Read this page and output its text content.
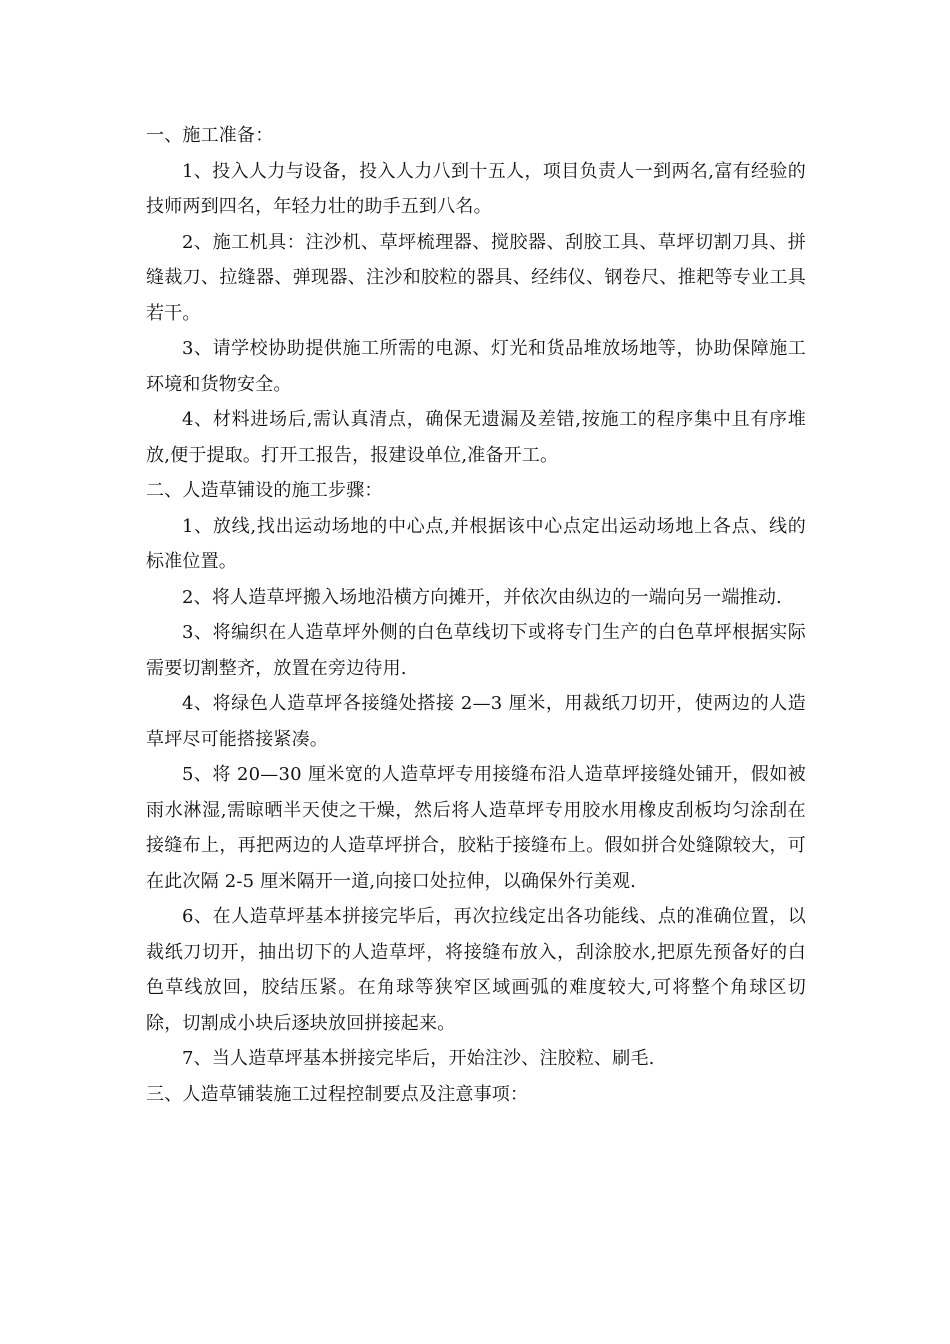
一、施工准备：

1、投入人力与设备，投入人力八到十五人，项目负责人一到两名,富有经验的技师两到四名，年轻力壮的助手五到八名。

2、施工机具：注沙机、草坪梳理器、搅胶器、刮胶工具、草坪切割刀具、拼缝裁刀、拉缝器、弹现器、注沙和胶粒的器具、经纬仪、钢卷尺、推耙等专业工具若干。

3、请学校协助提供施工所需的电源、灯光和货品堆放场地等，协助保障施工环境和货物安全。

4、材料进场后,需认真清点，确保无遗漏及差错,按施工的程序集中且有序堆放,便于提取。打开工报告，报建设单位,准备开工。

二、人造草铺设的施工步骤：

1、放线,找出运动场地的中心点,并根据该中心点定出运动场地上各点、线的标准位置。

2、将人造草坪搬入场地沿横方向摊开，并依次由纵边的一端向另一端推动.

3、将编织在人造草坪外侧的白色草线切下或将专门生产的白色草坪根据实际需要切割整齐，放置在旁边待用.

4、将绿色人造草坪各接缝处搭接 2—3 厘米，用裁纸刀切开，使两边的人造草坪尽可能搭接紧凑。

5、将 20—30 厘米宽的人造草坪专用接缝布沿人造草坪接缝处铺开，假如被雨水淋湿,需晾晒半天使之干燥，然后将人造草坪专用胶水用橡皮刮板均匀涂刮在接缝布上，再把两边的人造草坪拼合，胶粘于接缝布上。假如拼合处缝隙较大，可在此次隔 2-5 厘米隔开一道,向接口处拉伸，以确保外行美观.

6、在人造草坪基本拼接完毕后，再次拉线定出各功能线、点的准确位置，以裁纸刀切开，抽出切下的人造草坪，将接缝布放入，刮涂胶水,把原先预备好的白色草线放回，胶结压紧。在角球等狭窄区域画弧的难度较大,可将整个角球区切除，切割成小块后逐块放回拼接起来。

7、当人造草坪基本拼接完毕后，开始注沙、注胶粒、刷毛.

三、人造草铺装施工过程控制要点及注意事项：
